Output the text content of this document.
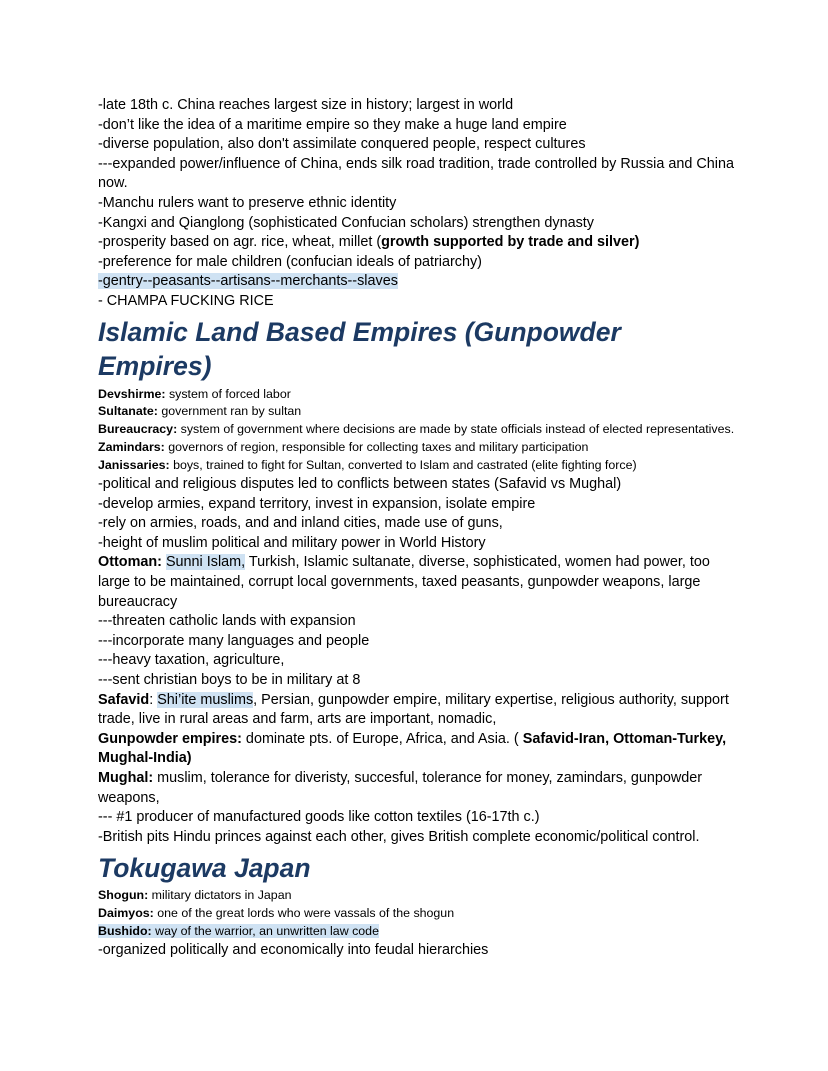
-late 18th c. China reaches largest size in history; largest in world

-don’t like the idea of a maritime empire so they make a huge land empire

-diverse population, also don't assimilate conquered people, respect cultures

---expanded power/influence of China, ends silk road tradition, trade controlled by Russia and China now.

-Manchu rulers want to preserve ethnic identity

-Kangxi and Qianglong (sophisticated Confucian scholars) strengthen dynasty

-prosperity based on agr. rice, wheat, millet (growth supported by trade and silver)

-preference for male children (confucian ideals of patriarchy)

-gentry--peasants--artisans--merchants--slaves

- CHAMPA FUCKING RICE

Islamic Land Based Empires (Gunpowder
Empires)

Devshirme: system of forced labor

Sultanate: government ran by sultan

Bureaucracy: system of government where decisions are made by state officials instead of elected representatives.

Zamindars: governors of region, responsible for collecting taxes and military participation

Janissaries: boys, trained to fight for Sultan, converted to Islam and castrated (elite fighting force)

-political and religious disputes led to conflicts between states (Safavid vs Mughal)

-develop armies, expand territory, invest in expansion, isolate empire

-rely on armies, roads, and and inland cities, made use of guns,

-height of muslim political and military power in World History

Ottoman: Sunni Islam, Turkish, Islamic sultanate, diverse, sophisticated, women had power, too large to be maintained, corrupt local governments, taxed peasants, gunpowder weapons, large bureaucracy

---threaten catholic lands with expansion

---incorporate many languages and people

---heavy taxation, agriculture,

---sent christian boys to be in military at 8

Safavid: Shi’ite muslims, Persian, gunpowder empire, military expertise, religious authority, support trade, live in rural areas and farm, arts are important, nomadic,

Gunpowder empires: dominate pts. of Europe, Africa, and Asia. ( Safavid-Iran, Ottoman-Turkey, Mughal-India)

Mughal: muslim, tolerance for diveristy, succesful, tolerance for money, zamindars, gunpowder weapons,

--- #1 producer of manufactured goods like cotton textiles (16-17th c.)

-British pits Hindu princes against each other, gives British complete economic/political control.

Tokugawa Japan

Shogun: military dictators in Japan

Daimyos: one of the great lords who were vassals of the shogun

Bushido: way of the warrior, an unwritten law code

-organized politically and economically into feudal hierarchies
